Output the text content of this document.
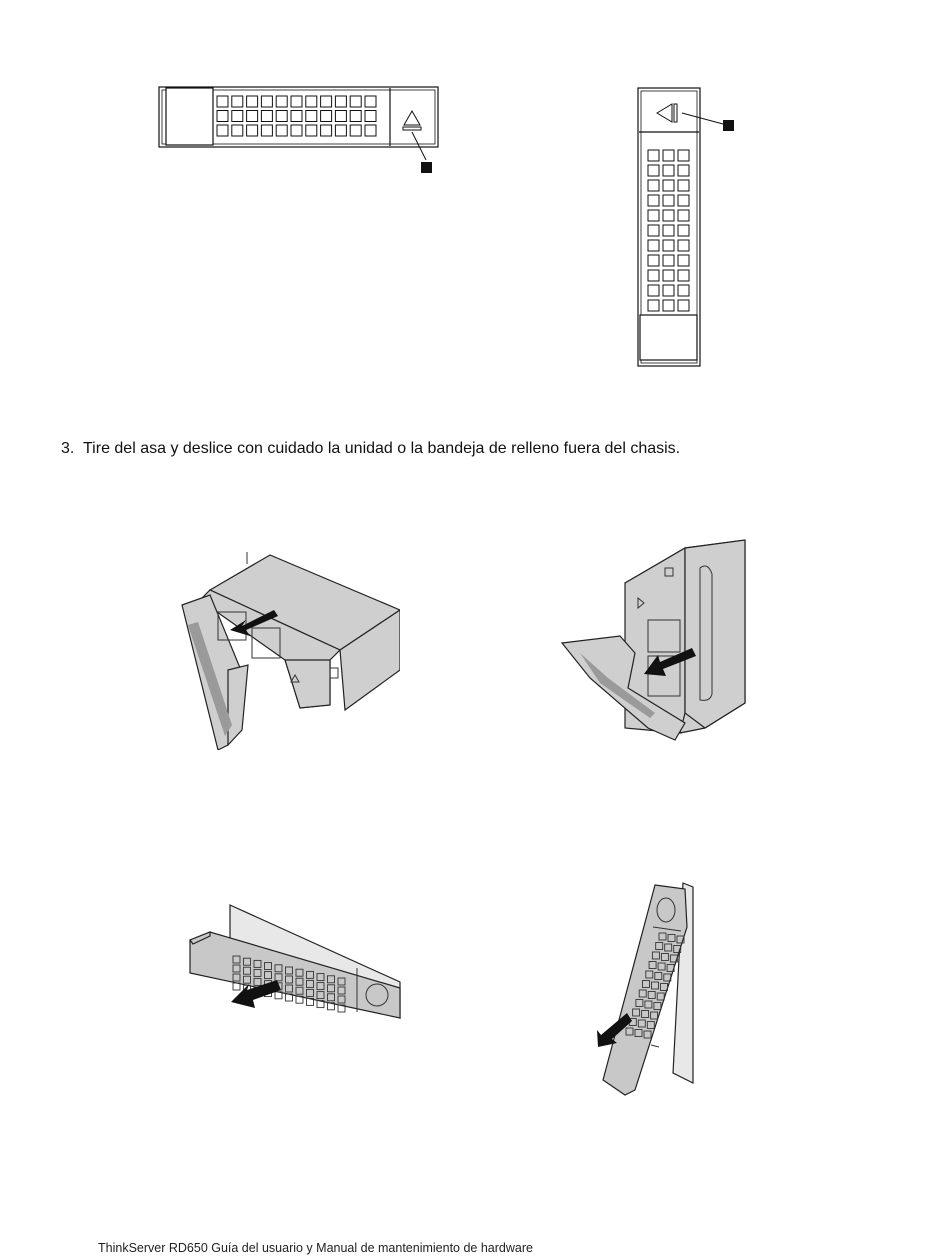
3. Tire del asa y deslice con cuidado la unidad o la bandeja de relleno fuera del chasis.
ThinkServer RD650 Guía del usuario y Manual de mantenimiento de hardware
